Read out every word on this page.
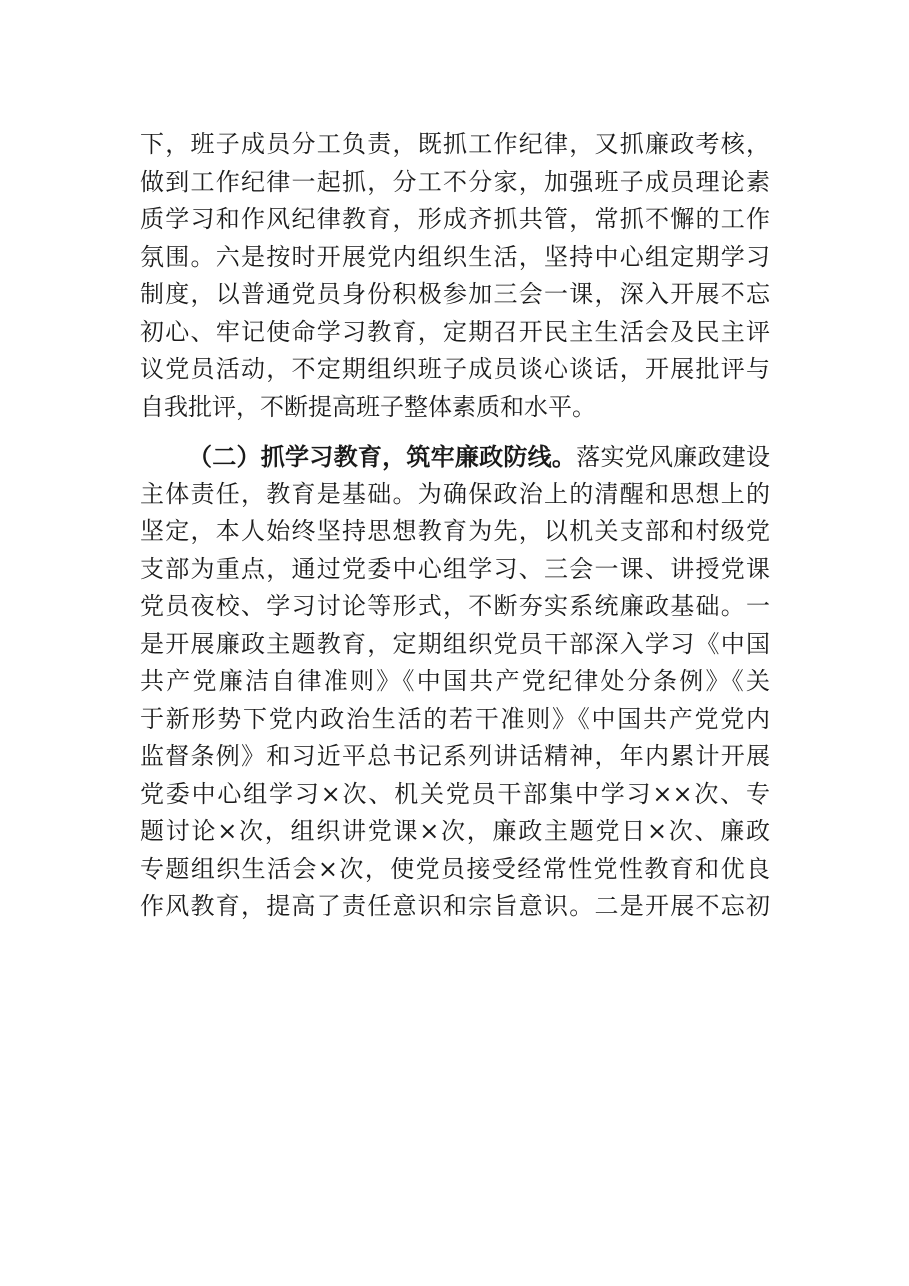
下，班子成员分工负责，既抓工作纪律，又抓廉政考核，
做到工作纪律一起抓，分工不分家，加强班子成员理论素
质学习和作风纪律教育，形成齐抓共管，常抓不懈的工作
氛围。六是按时开展党内组织生活，坚持中心组定期学习
制度，以普通党员身份积极参加三会一课，深入开展不忘
初心、牢记使命学习教育，定期召开民主生活会及民主评
议党员活动，不定期组织班子成员谈心谈话，开展批评与
自我批评，不断提高班子整体素质和水平。
（二）抓学习教育，筑牢廉政防线。落实党风廉政建设
主体责任，教育是基础。为确保政治上的清醒和思想上的
坚定，本人始终坚持思想教育为先，以机关支部和村级党
支部为重点，通过党委中心组学习、三会一课、讲授党课
党员夜校、学习讨论等形式，不断夯实系统廉政基础。一
是开展廉政主题教育，定期组织党员干部深入学习《中国
共产党廉洁自律准则》《中国共产党纪律处分条例》《关
于新形势下党内政治生活的若干准则》《中国共产党党内
监督条例》和习近平总书记系列讲话精神，年内累计开展
党委中心组学习×次、机关党员干部集中学习××次、专
题讨论×次，组织讲党课×次，廉政主题党日×次、廉政
专题组织生活会×次，使党员接受经常性党性教育和优良
作风教育，提高了责任意识和宗旨意识。二是开展不忘初
